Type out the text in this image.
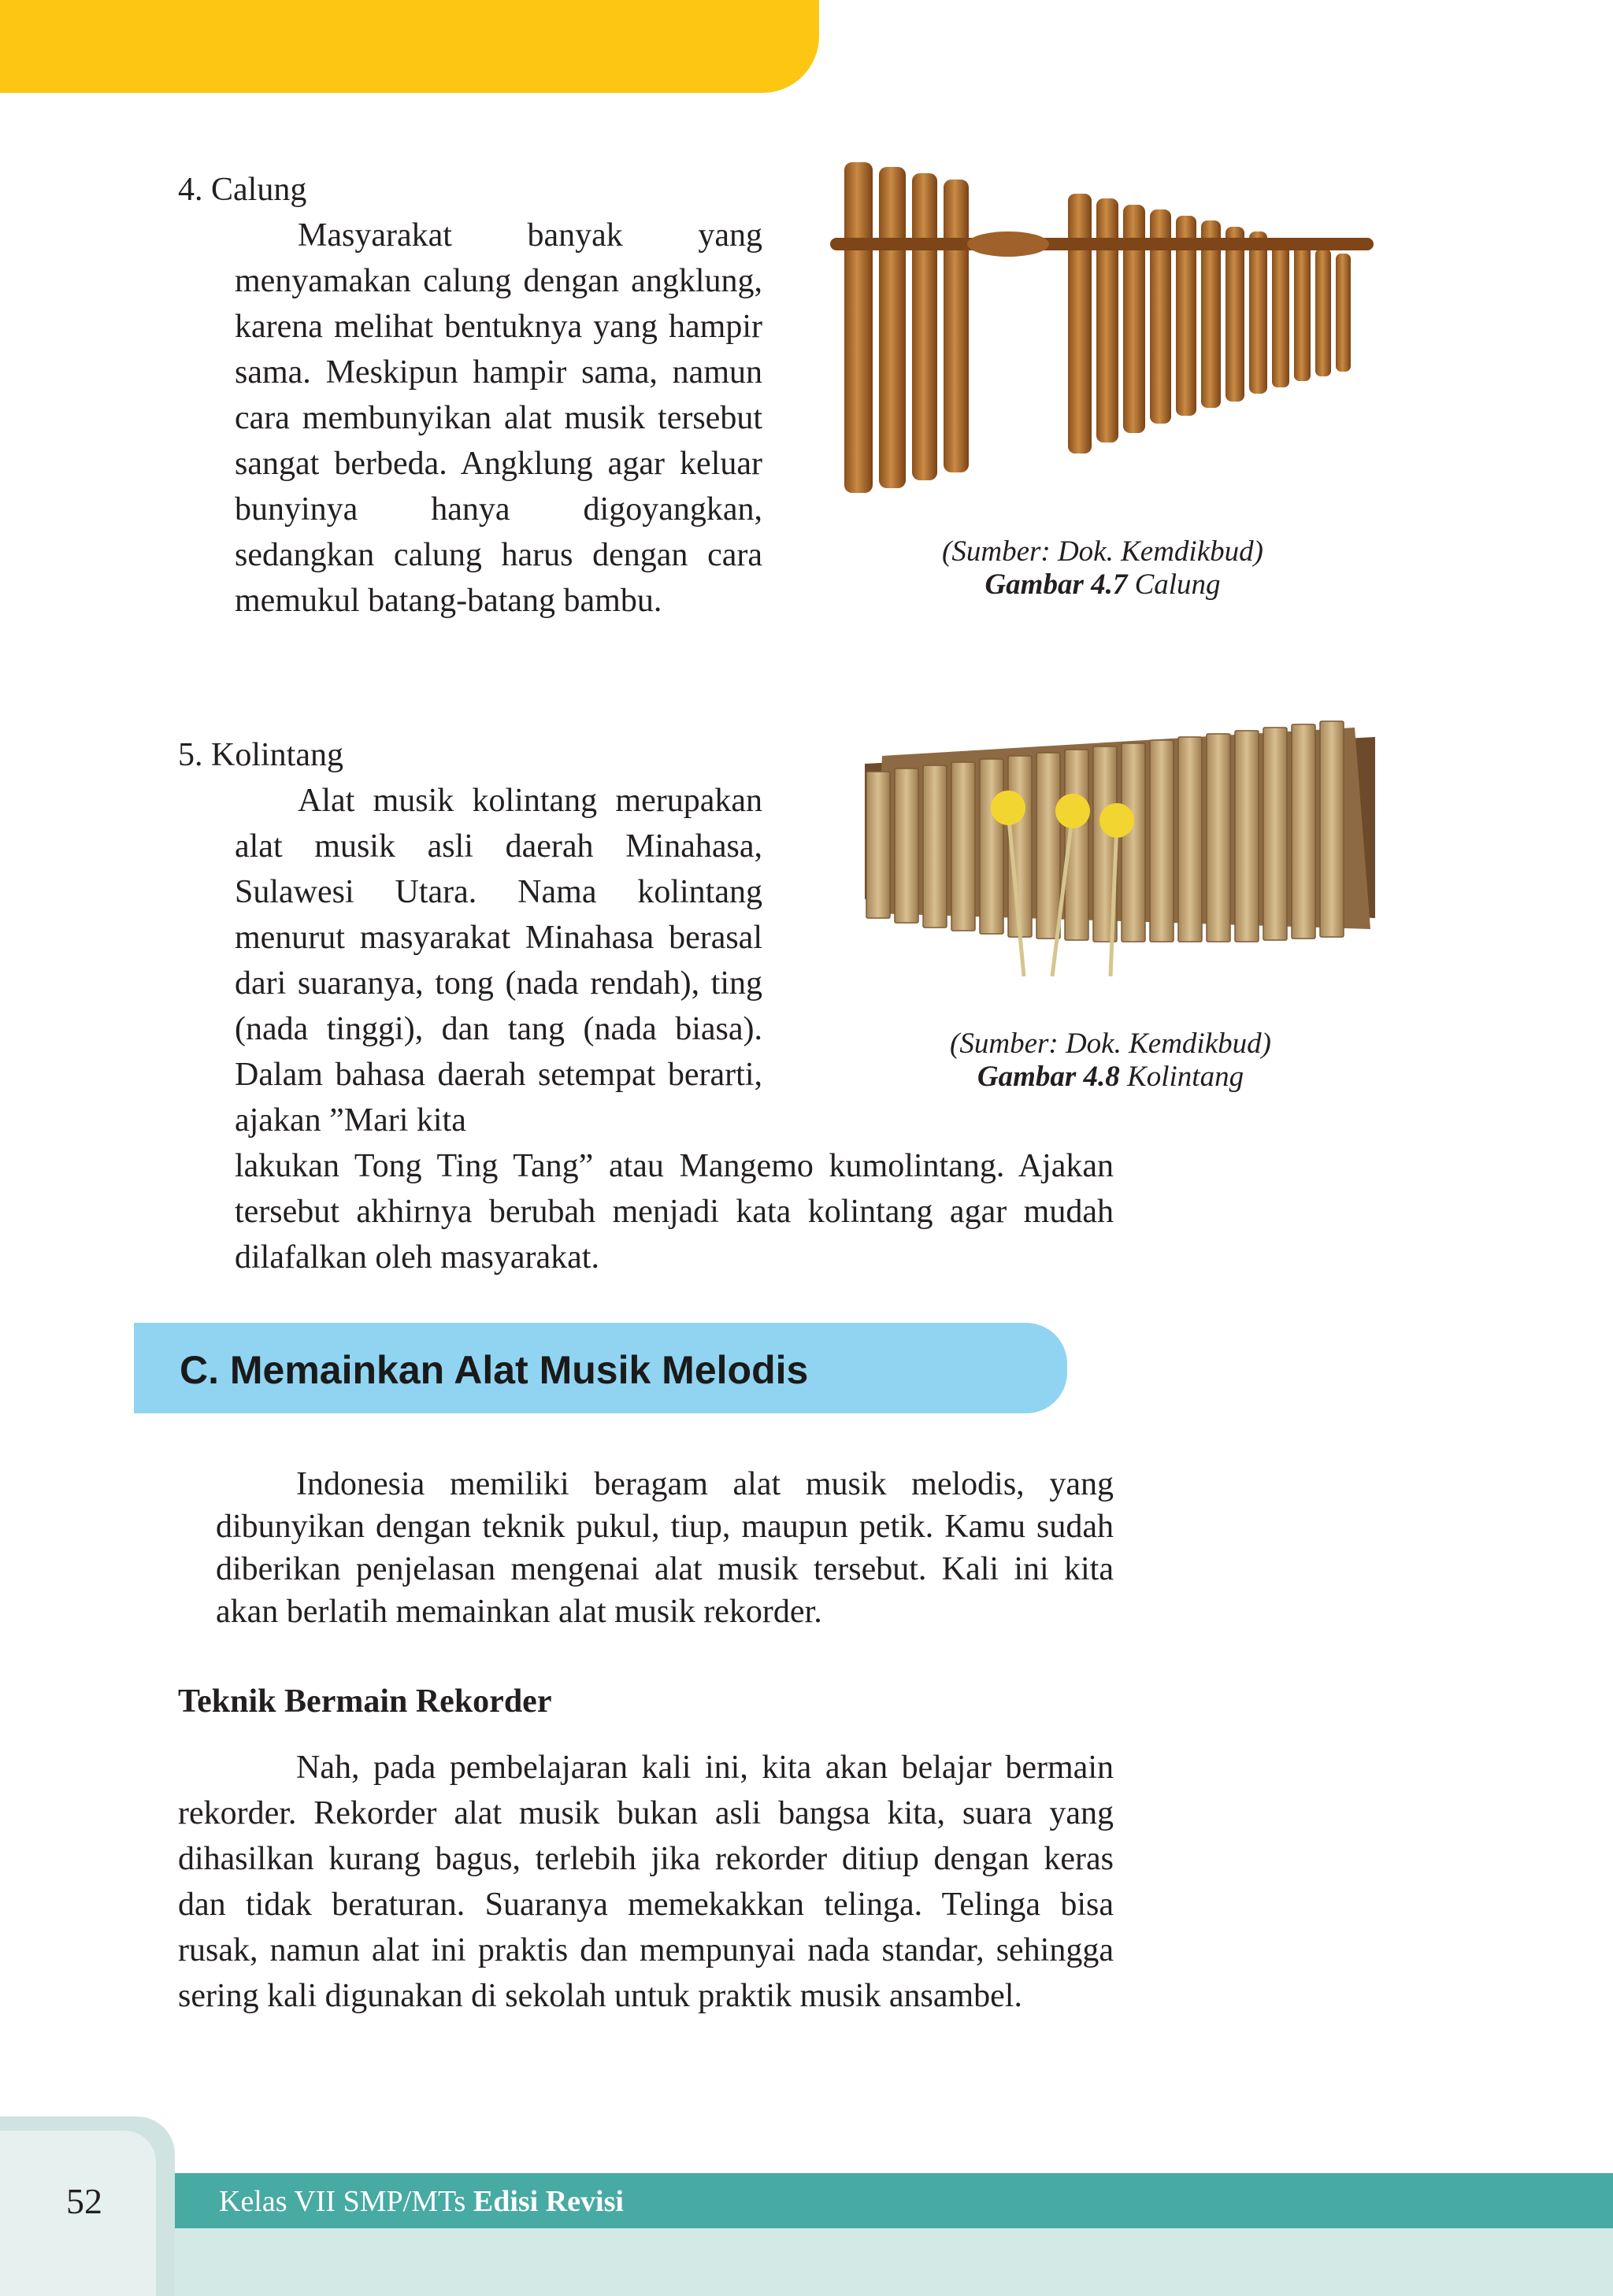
4. Calung
Masyarakat banyak yang menyamakan calung dengan angklung, karena melihat bentuknya yang hampir sama. Meskipun hampir sama, namun cara membunyikan alat musik tersebut sangat berbeda. Angklung agar keluar bunyinya hanya digoyangkan, sedangkan calung harus dengan cara memukul batang-batang bambu.
(Sumber: Dok. Kemdikbud)
Gambar 4.7 Calung
5. Kolintang
Alat musik kolintang merupakan alat musik asli daerah Minahasa, Sulawesi Utara. Nama kolintang menurut masyarakat Minahasa berasal dari suaranya, tong (nada rendah), ting (nada tinggi), dan tang (nada biasa). Dalam bahasa daerah setempat berarti, ajakan ”Mari kita
lakukan Tong Ting Tang” atau Mangemo kumolintang. Ajakan tersebut akhirnya berubah menjadi kata kolintang agar mudah dilafalkan oleh masyarakat.
(Sumber: Dok. Kemdikbud)
Gambar 4.8 Kolintang
C. Memainkan Alat Musik Melodis
Indonesia memiliki beragam alat musik melodis, yang dibunyikan dengan teknik pukul, tiup, maupun petik. Kamu sudah diberikan penjelasan mengenai alat musik tersebut. Kali ini kita akan berlatih memainkan alat musik rekorder.
Teknik Bermain Rekorder
Nah, pada pembelajaran kali ini, kita akan belajar bermain rekorder. Rekorder alat musik bukan asli bangsa kita, suara yang dihasilkan kurang bagus, terlebih jika rekorder ditiup dengan keras dan tidak beraturan. Suaranya memekakkan telinga. Telinga bisa rusak, namun alat ini praktis dan mempunyai nada standar, sehingga sering kali digunakan di sekolah untuk praktik musik ansambel.
52	Kelas VII SMP/MTs Edisi Revisi
